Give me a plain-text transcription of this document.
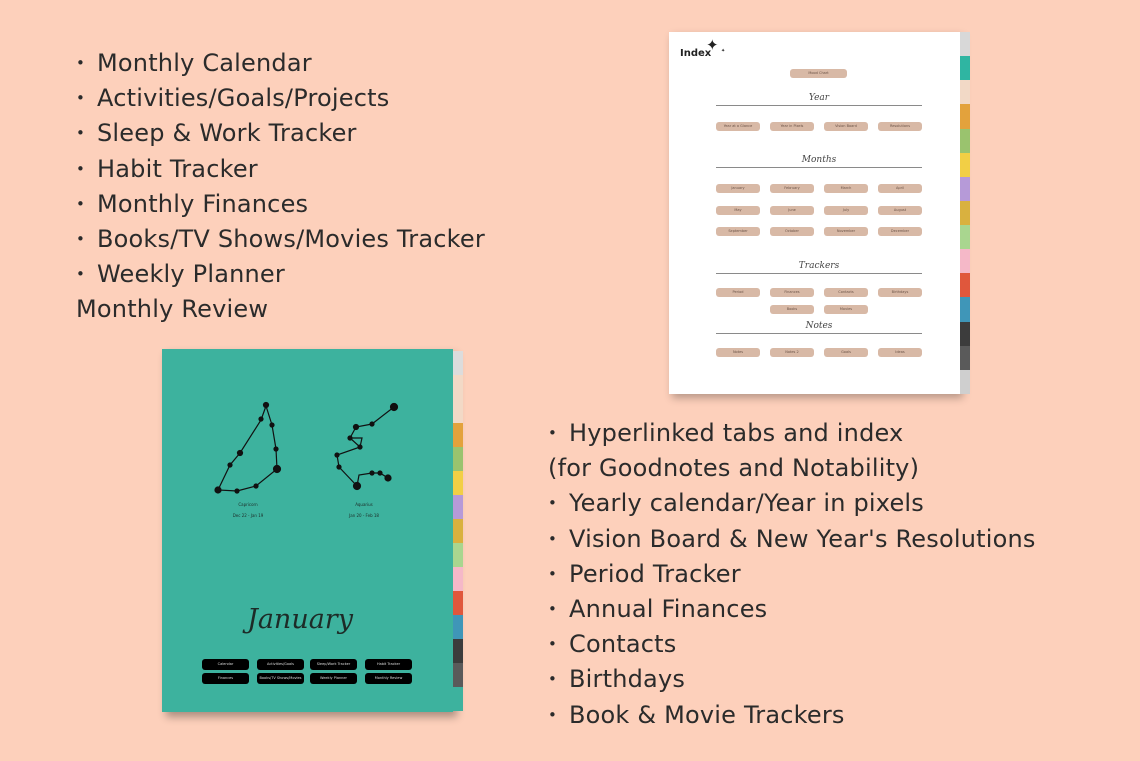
• Monthly Calendar
• Activities/Goals/Projects
• Sleep & Work Tracker
• Habit Tracker
• Monthly Finances
• Books/TV Shows/Movies Tracker
• Weekly Planner
Monthly Review
• Hyperlinked tabs and index
(for Goodnotes and Notability)
• Yearly calendar/Year in pixels
• Vision Board & New Year's Resolutions
• Period Tracker
• Annual Finances
• Contacts
• Birthdays
• Book & Movie Trackers
Index
✦ ✦
Mood Chart
Year
Year at a Glance	Year in Pixels	Vision Board	Resolutions
Months
January	February	March	April
May	June	July	August
September	October	November	December
Trackers
Period	Finances	Contacts	Birthdays
Books	Movies
Notes
Notes	Notes 2	Goals	Ideas
Capricorn
Dec 22 - Jan 19
Aquarius
Jan 20 - Feb 18
January
Calendar	Activities/Goals	Sleep/Work Tracker	Habit Tracker
Finances	Books/TV Shows/Movies	Weekly Planner	Monthly Review
